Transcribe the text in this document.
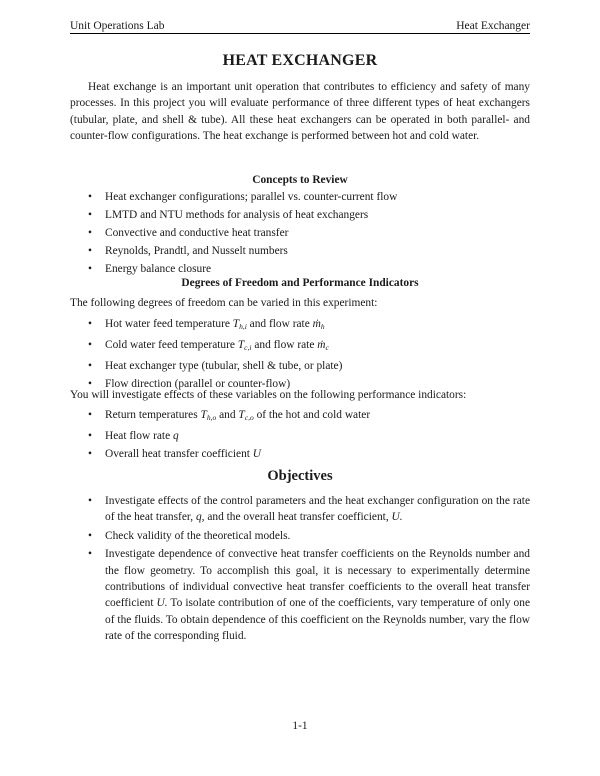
Unit Operations Lab	Heat Exchanger
HEAT EXCHANGER

Heat exchange is an important unit operation that contributes to efficiency and safety of many processes. In this project you will evaluate performance of three different types of heat exchangers (tubular, plate, and shell & tube). All these heat exchangers can be operated in both parallel- and counter-flow configurations. The heat exchange is performed between hot and cold water.

Concepts to Review
• Heat exchanger configurations; parallel vs. counter-current flow
• LMTD and NTU methods for analysis of heat exchangers
• Convective and conductive heat transfer
• Reynolds, Prandtl, and Nusselt numbers
• Energy balance closure
Degrees of Freedom and Performance Indicators

The following degrees of freedom can be varied in this experiment:

• Hot water feed temperature $T_{h,i}$ and flow rate ṁ$_h$
• Cold water feed temperature $T_{c,i}$ and flow rate ṁ$_c$
• Heat exchanger type (tubular, shell & tube, or plate)
• Flow direction (parallel or counter-flow)

You will investigate effects of these variables on the following performance indicators:

• Return temperatures $T_{h,o}$ and $T_{c,o}$ of the hot and cold water
• Heat flow rate q
• Overall heat transfer coefficient U
Objectives
• Investigate effects of the control parameters and the heat exchanger configuration on the rate of the heat transfer, q, and the overall heat transfer coefficient, U.
• Check validity of the theoretical models.
• Investigate dependence of convective heat transfer coefficients on the Reynolds number and the flow geometry. To accomplish this goal, it is necessary to experimentally determine contributions of individual convective heat transfer coefficients to the overall heat transfer coefficient U. To isolate contribution of one of the coefficients, vary temperature of only one of the fluids. To obtain dependence of this coefficient on the Reynolds number, vary the flow rate of the corresponding fluid.
1-1
